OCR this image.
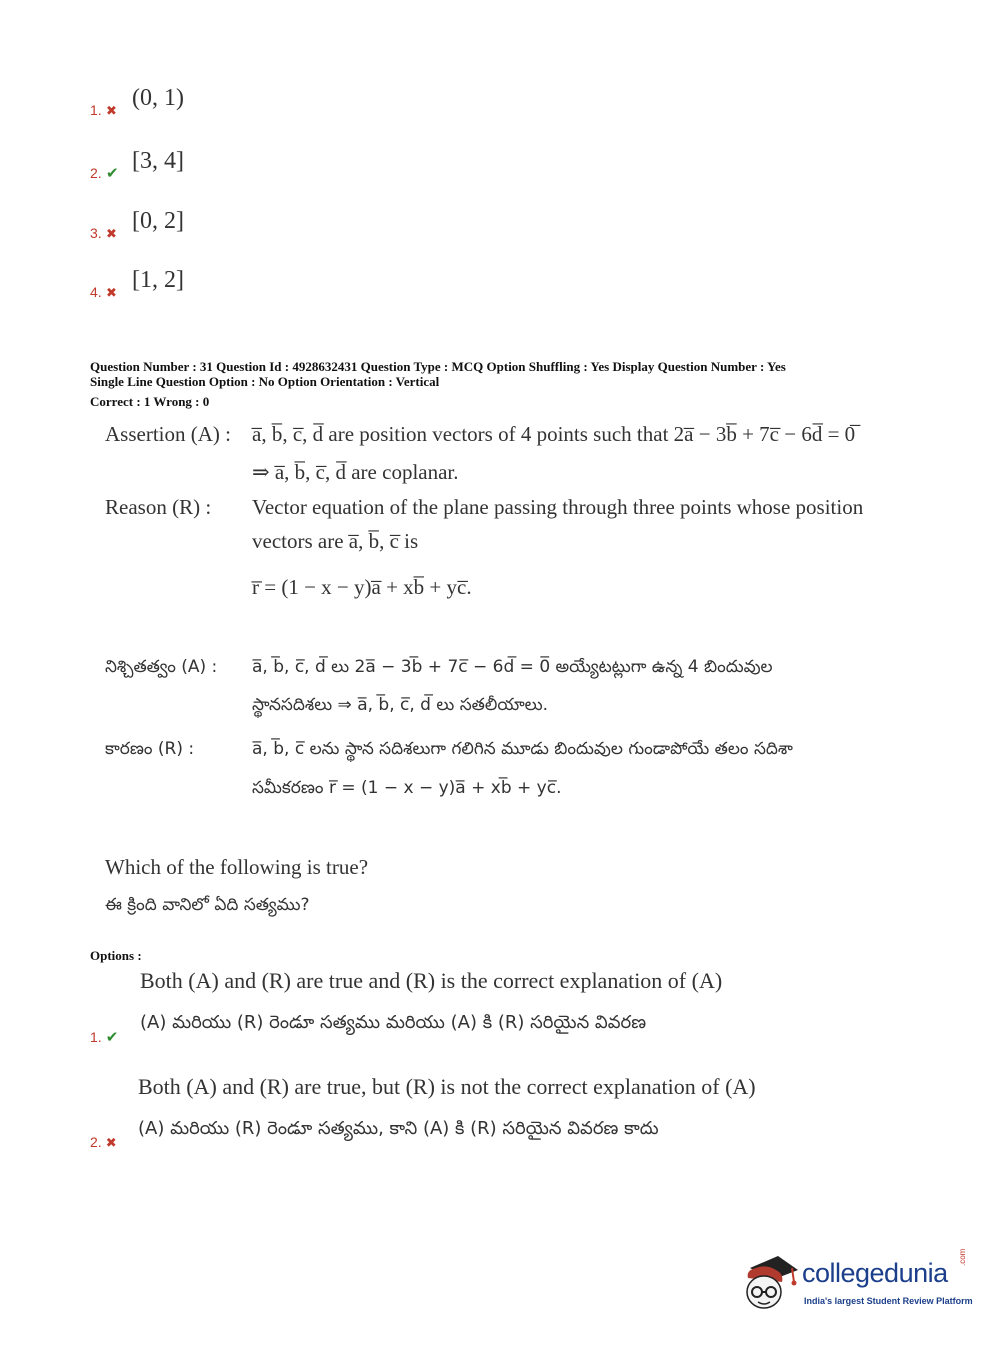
1. ✖
(0, 1)
2. ✔ [3, 4]
3. ✖
[0, 2]
4. ✖
[1, 2]
Question Number : 31 Question Id : 4928632431 Question Type : MCQ Option Shuffling : Yes Display Question Number : Yes
Single Line Question Option : No Option Orientation : Vertical
Correct : 1 Wrong : 0
Assertion (A) : a̅, b̅, c̅, d̅ are position vectors of 4 points such that 2a̅ − 3b̅ + 7c̅ − 6d̅ = 0̅
⇒ a̅, b̅, c̅, d̅ are coplanar.
Reason (R) : Vector equation of the plane passing through three points whose position
vectors are a̅, b̅, c̅ is
r̅ = (1 − x − y)a̅ + xb̅ + yc̅.
నిశ్చితత్వం (A) : a̅, b̅, c̅, d̅ లు 2a̅ − 3b̅ + 7c̅ − 6d̅ = 0̅ అయ్యేటట్లుగా ఉన్న 4 బిందువుల
స్థానసదిశలు ⇒ a̅, b̅, c̅, d̅ లు సతలీయాలు.
కారణం (R) :	a̅, b̅, c̅ లను స్థాన సదిశలుగా గలిగిన మూడు బిందువుల గుండాపోయే తలం సదిశా
సమీకరణం r̅ = (1 − x − y)a̅ + xb̅ + yc̅.
Which of the following is true?
ఈ క్రింది వానిలో ఏది సత్యము?
Options :
Both (A) and (R) are true and (R) is the correct explanation of (A)
(A) మరియు (R) రెండూ సత్యము మరియు (A) కి (R) సరియైన వివరణ
1. ✔
Both (A) and (R) are true, but (R) is not the correct explanation of (A)
(A) మరియు (R) రెండూ సత్యము, కాని (A) కి (R) సరియైన వివరణ కాదు
2. ✖
collegedunia
.com
India's largest Student Review Platform
